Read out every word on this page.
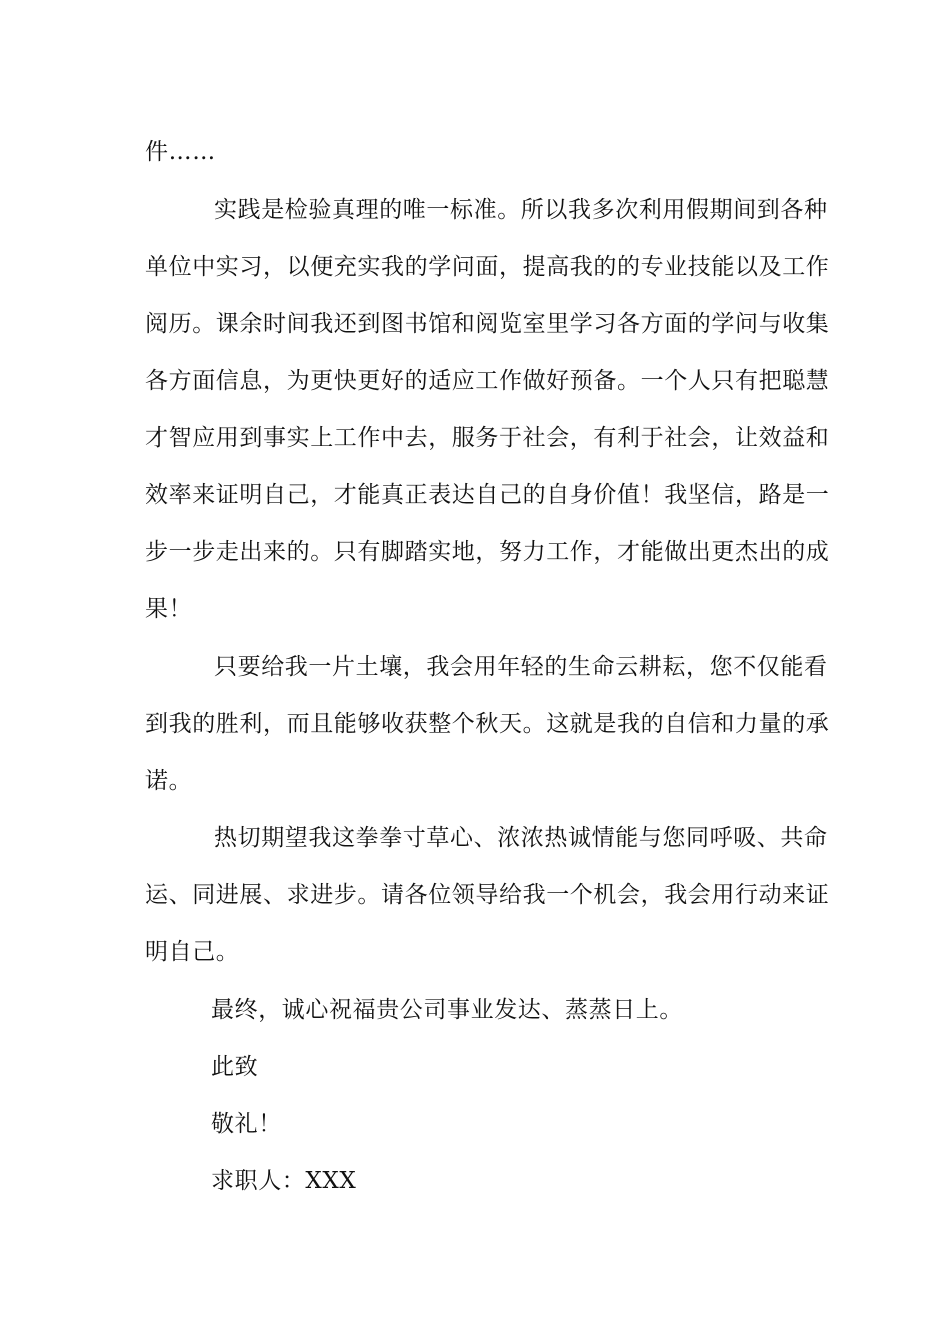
件……
实践是检验真理的唯一标准。所以我多次利用假期间到各种
单位中实习，以便充实我的学问面，提高我的的专业技能以及工作
阅历。课余时间我还到图书馆和阅览室里学习各方面的学问与收集
各方面信息，为更快更好的适应工作做好预备。一个人只有把聪慧
才智应用到事实上工作中去，服务于社会，有利于社会，让效益和
效率来证明自己，才能真正表达自己的自身价值！我坚信，路是一
步一步走出来的。只有脚踏实地，努力工作，才能做出更杰出的成
果！
只要给我一片土壤，我会用年轻的生命云耕耘，您不仅能看
到我的胜利，而且能够收获整个秋天。这就是我的自信和力量的承
诺。
热切期望我这拳拳寸草心、浓浓热诚情能与您同呼吸、共命
运、同进展、求进步。请各位领导给我一个机会，我会用行动来证
明自己。
最终，诚心祝福贵公司事业发达、蒸蒸日上。
此致
敬礼！
求职人：XXX
